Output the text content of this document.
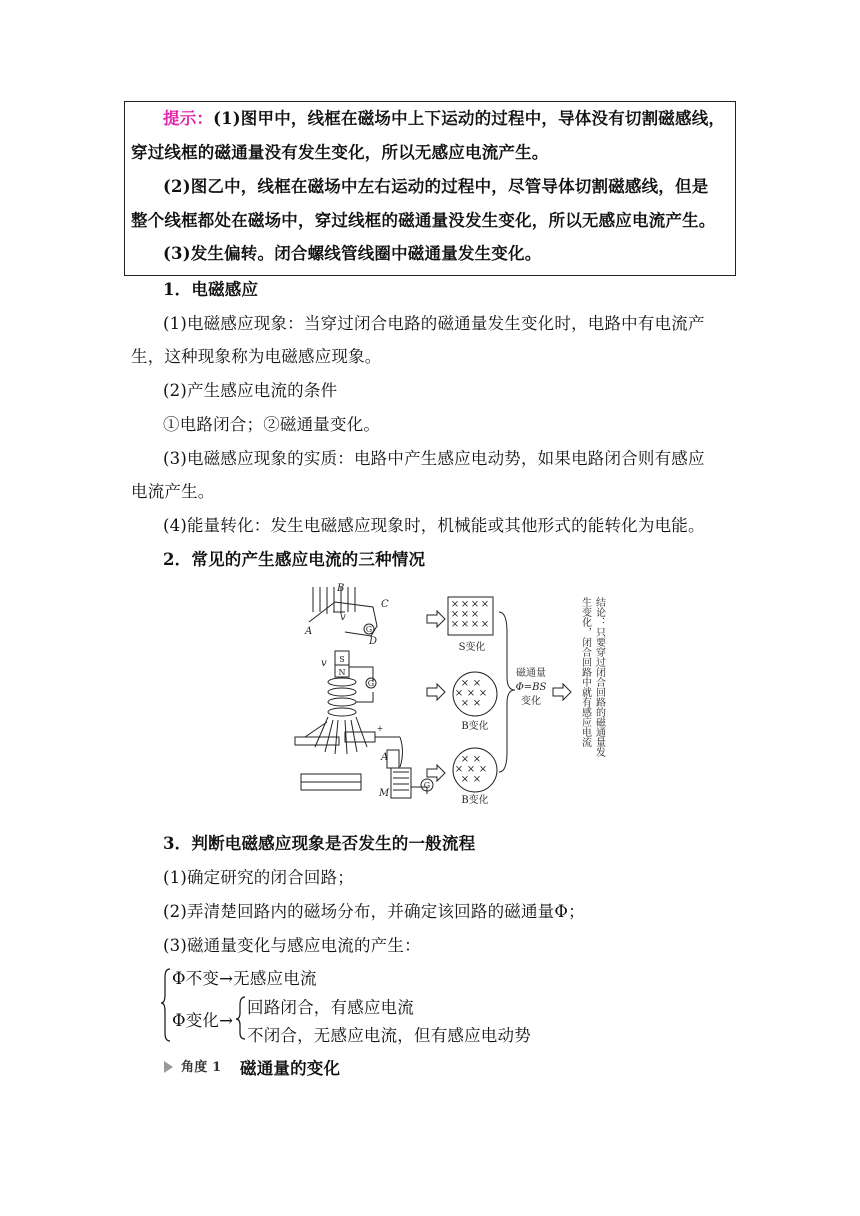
提示：(1)图甲中，线框在磁场中上下运动的过程中，导体没有切割磁感线，
穿过线框的磁通量没有发生变化，所以无感应电流产生。
(2)图乙中，线框在磁场中左右运动的过程中，尽管导体切割磁感线，但是
整个线框都处在磁场中，穿过线框的磁通量没发生变化，所以无感应电流产生。
(3)发生偏转。闭合螺线管线圈中磁通量发生变化。
1．电磁感应
(1)电磁感应现象：当穿过闭合电路的磁通量发生变化时，电路中有电流产
生，这种现象称为电磁感应现象。
(2)产生感应电流的条件
①电路闭合；②磁通量变化。
(3)电磁感应现象的实质：电路中产生感应电动势，如果电路闭合则有感应
电流产生。
(4)能量转化：发生电磁感应现象时，机械能或其他形式的能转化为电能。
2．常见的产生感应电流的三种情况
× × × ×
× × ×
× × × ×
× ×
× × ×
× ×
× ×
× × ×
× ×
B
C
A
D
v
v
A
M
G
G
G
S
N
+
S变化
B变化
B变化
磁通量
Φ=BS
变化	结论：只要穿过闭合回路的磁通量发
生变化，闭合回路中就有感应电流
3．判断电磁感应现象是否发生的一般流程
(1)确定研究的闭合回路；
(2)弄清楚回路内的磁场分布，并确定该回路的磁通量Φ；
(3)磁通量变化与感应电流的产生：
Φ不变→无感应电流
Φ变化→
回路闭合，有感应电流
不闭合，无感应电流，但有感应电动势
角度 1 磁通量的变化
